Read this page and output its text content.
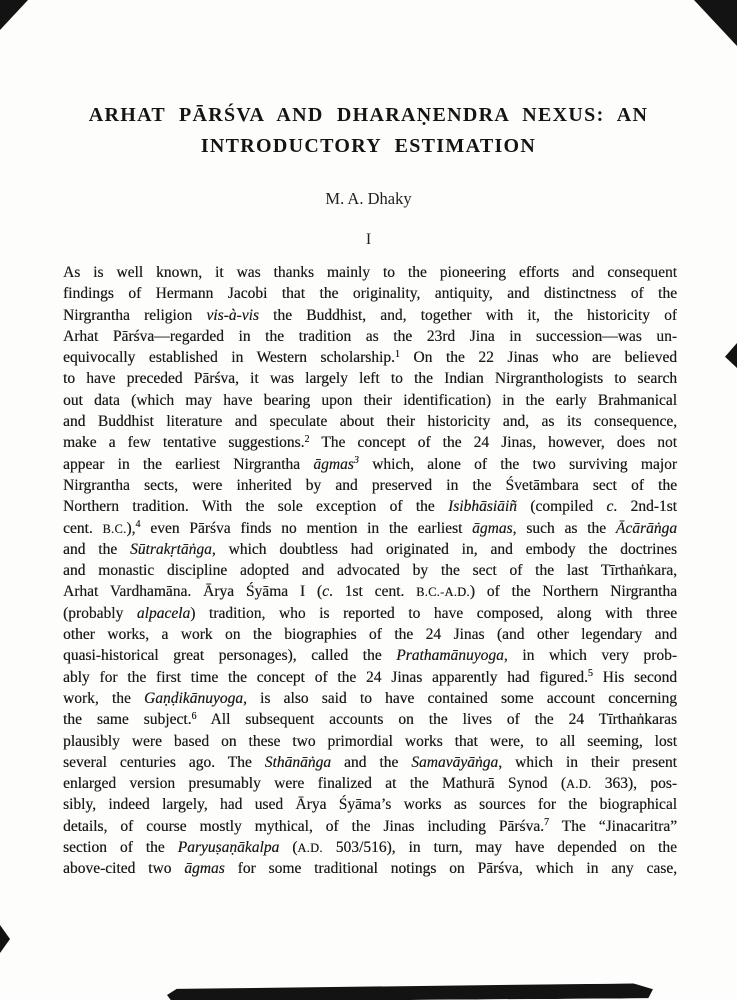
ARHAT PĀRŚVA AND DHARAṆENDRA NEXUS: AN
INTRODUCTORY ESTIMATION
M. A. Dhaky
I
As is well known, it was thanks mainly to the pioneering efforts and consequent
findings of Hermann Jacobi that the originality, antiquity, and distinctness of the
Nirgrantha religion vis-à-vis the Buddhist, and, together with it, the historicity of
Arhat Pārśva—regarded in the tradition as the 23rd Jina in succession—was un-
equivocally established in Western scholarship.$^1$ On the 22 Jinas who are believed
to have preceded Pārśva, it was largely left to the Indian Nirgranthologists to search
out data (which may have bearing upon their identification) in the early Brahmanical
and Buddhist literature and speculate about their historicity and, as its consequence,
make a few tentative suggestions.$^2$ The concept of the 24 Jinas, however, does not
appear in the earliest Nirgrantha āgmas$^3$ which, alone of the two surviving major
Nirgrantha sects, were inherited by and preserved in the Śvetāmbara sect of the
Northern tradition. With the sole exception of the Isibhāsiāiñ (compiled c. 2nd-1st
cent. B.C.),$^4$ even Pārśva finds no mention in the earliest āgmas, such as the Ācārāṅga
and the Sūtrakṛtāṅga, which doubtless had originated in, and embody the doctrines
and monastic discipline adopted and advocated by the sect of the last Tīrthaṅkara,
Arhat Vardhamāna. Ārya Śyāma I (c. 1st cent. B.C.-A.D.) of the Northern Nirgrantha
(probably alpacela) tradition, who is reported to have composed, along with three
other works, a work on the biographies of the 24 Jinas (and other legendary and
quasi-historical great personages), called the Prathamānuyoga, in which very prob-
ably for the first time the concept of the 24 Jinas apparently had figured.$^5$ His second
work, the Gaṇḍikānuyoga, is also said to have contained some account concerning
the same subject.$^6$ All subsequent accounts on the lives of the 24 Tīrthaṅkaras
plausibly were based on these two primordial works that were, to all seeming, lost
several centuries ago. The Sthānāṅga and the Samavāyāṅga, which in their present
enlarged version presumably were finalized at the Mathurā Synod (A.D. 363), pos-
sibly, indeed largely, had used Ārya Śyāma’s works as sources for the biographical
details, of course mostly mythical, of the Jinas including Pārśva.$^7$ The “Jinacaritra”
section of the Paryuṣaṇākalpa (A.D. 503/516), in turn, may have depended on the
above-cited two āgmas for some traditional notings on Pārśva, which in any case,
